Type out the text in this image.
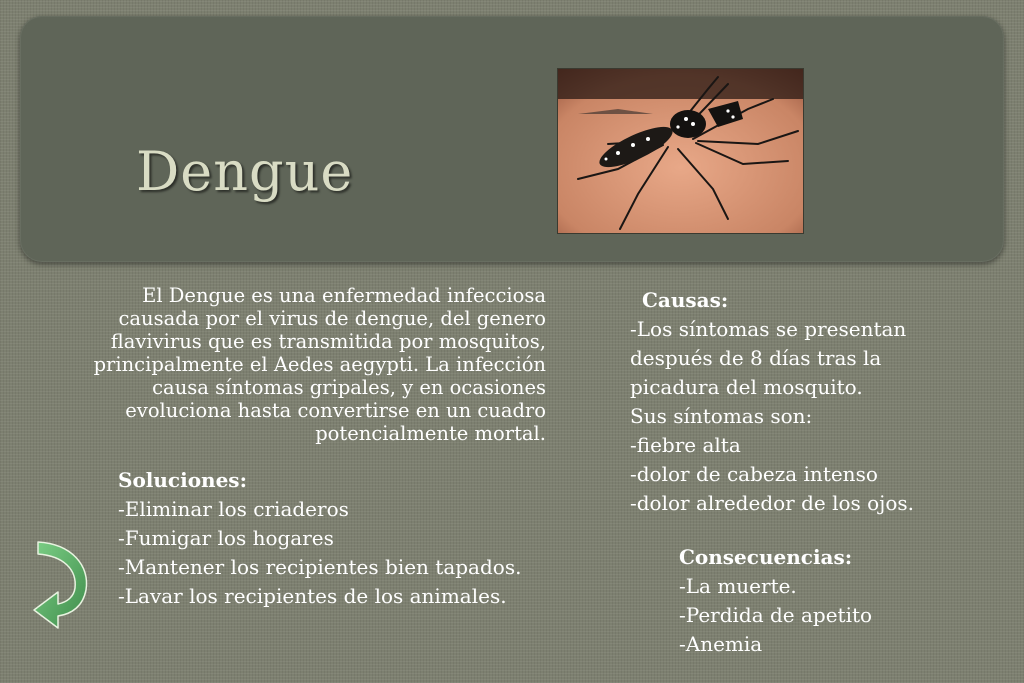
Dengue

El Dengue es una enfermedad infecciosa causada por el virus de dengue, del genero flavivirus que es transmitida por mosquitos, principalmente el Aedes aegypti. La infección causa síntomas gripales, y en ocasiones evoluciona hasta convertirse en un cuadro potencialmente mortal.

Soluciones:
-Eliminar los criaderos
-Fumigar los hogares
-Mantener los recipientes bien tapados.
-Lavar los recipientes de los animales.
Causas:
-Los síntomas se presentan
después de 8 días tras la
picadura del mosquito.
Sus síntomas son:
-fiebre alta
-dolor de cabeza intenso
-dolor alrededor de los ojos.
Consecuencias:
-La muerte.
-Perdida de apetito
-Anemia
